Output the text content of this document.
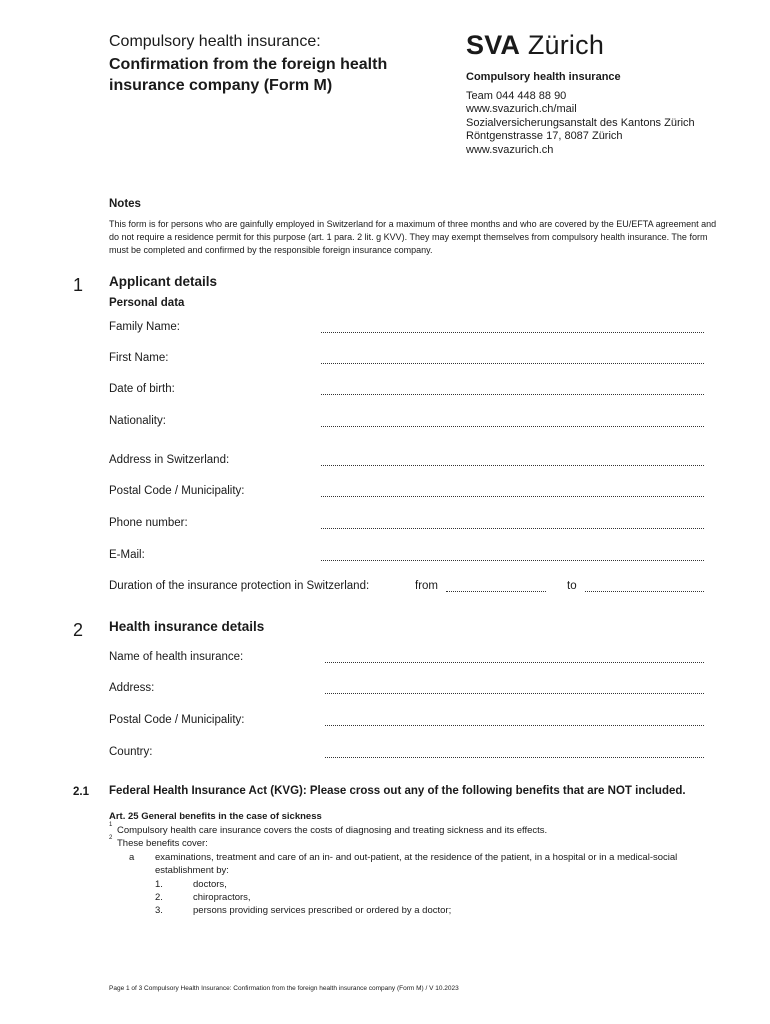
Compulsory health insurance:
Confirmation from the foreign health insurance company (Form M)
SVA Zürich
Compulsory health insurance
Team 044 448 88 90
www.svazurich.ch/mail
Sozialversicherungsanstalt des Kantons Zürich
Röntgenstrasse 17, 8087 Zürich
www.svazurich.ch
Notes
This form is for persons who are gainfully employed in Switzerland for a maximum of three months and who are covered by the EU/EFTA agreement and do not require a residence permit for this purpose (art. 1 para. 2 lit. g KVV). They may exempt themselves from compulsory health insurance. The form must be completed and confirmed by the responsible foreign insurance company.
1 Applicant details
Personal data
Family Name:
First Name:
Date of birth:
Nationality:
Address in Switzerland:
Postal Code / Municipality:
Phone number:
E-Mail:
Duration of the insurance protection in Switzerland:	from	to
2 Health insurance details
Name of health insurance:
Address:
Postal Code / Municipality:
Country:
2.1 Federal Health Insurance Act (KVG): Please cross out any of the following benefits that are NOT included.
Art. 25 General benefits in the case of sickness
1 Compulsory health care insurance covers the costs of diagnosing and treating sickness and its effects.
2 These benefits cover:
a examinations, treatment and care of an in- and out-patient, at the residence of the patient, in a hospital or in a medical-social
establishment by:
1.	doctors,
2.	chiropractors,
3.	persons providing services prescribed or ordered by a doctor;
Page 1 of 3 Compulsory Health Insurance: Confirmation from the foreign health insurance company (Form M) / V 10.2023
